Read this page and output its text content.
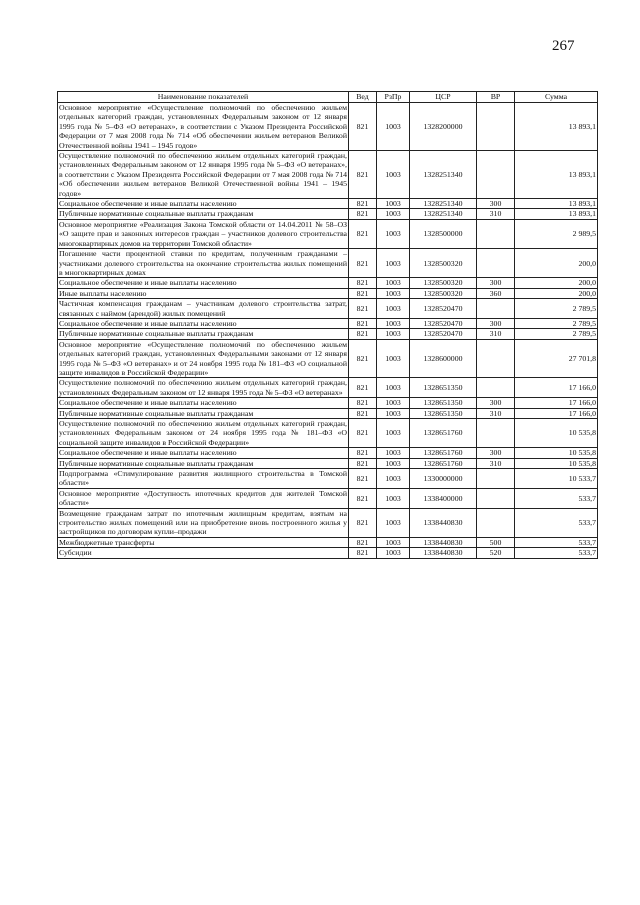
267
Наименование показателей	Вед	РзПр	ЦСР	ВР	Сумма
Основное мероприятие «Осуществление полномочий по обеспечению жильем отдельных категорий граждан, установленных Федеральным законом от 12 января 1995 года № 5–ФЗ «О ветеранах», в соответствии с Указом Президента Российской Федерации от 7 мая 2008 года № 714 «Об обеспечении жильем ветеранов Великой Отечественной войны 1941 – 1945 годов»	821	1003	1328200000		13 893,1
Осуществление полномочий по обеспечению жильем отдельных категорий граждан, установленных Федеральным законом от 12 января 1995 года № 5–ФЗ «О ветеранах», в соответствии с Указом Президента Российской Федерации от 7 мая 2008 года № 714 «Об обеспечении жильем ветеранов Великой Отечественной войны 1941 – 1945 годов»	821	1003	1328251340		13 893,1
Социальное обеспечение и иные выплаты населению	821	1003	1328251340	300	13 893,1
Публичные нормативные социальные выплаты гражданам	821	1003	1328251340	310	13 893,1
Основное мероприятие «Реализация Закона Томской области от 14.04.2011 № 58–ОЗ «О защите прав и законных интересов граждан – участников долевого строительства многоквартирных домов на территории Томской области»	821	1003	1328500000		2 989,5
Погашение части процентной ставки по кредитам, полученным гражданами – участниками долевого строительства на окончание строительства жилых помещений в многоквартирных домах	821	1003	1328500320		200,0
Социальное обеспечение и иные выплаты населению	821	1003	1328500320	300	200,0
Иные выплаты населению	821	1003	1328500320	360	200,0
Частичная компенсация гражданам – участникам долевого строительства затрат, связанных с наймом (арендой) жилых помещений	821	1003	1328520470		2 789,5
Социальное обеспечение и иные выплаты населению	821	1003	1328520470	300	2 789,5
Публичные нормативные социальные выплаты гражданам	821	1003	1328520470	310	2 789,5
Основное мероприятие «Осуществление полномочий по обеспечению жильем отдельных категорий граждан, установленных Федеральными законами от 12 января 1995 года № 5–ФЗ «О ветеранах» и от 24 ноября 1995 года № 181–ФЗ «О социальной защите инвалидов в Российской Федерации»	821	1003	1328600000		27 701,8
Осуществление полномочий по обеспечению жильем отдельных категорий граждан, установленных Федеральным законом от 12 января 1995 года № 5–ФЗ «О ветеранах»	821	1003	1328651350		17 166,0
Социальное обеспечение и иные выплаты населению	821	1003	1328651350	300	17 166,0
Публичные нормативные социальные выплаты гражданам	821	1003	1328651350	310	17 166,0
Осуществление полномочий по обеспечению жильем отдельных категорий граждан, установленных Федеральным законом от 24 ноября 1995 года № 181–ФЗ «О социальной защите инвалидов в Российской Федерации»	821	1003	1328651760		10 535,8
Социальное обеспечение и иные выплаты населению	821	1003	1328651760	300	10 535,8
Публичные нормативные социальные выплаты гражданам	821	1003	1328651760	310	10 535,8
Подпрограмма «Стимулирование развития жилищного строительства в Томской области»	821	1003	1330000000		10 533,7
Основное мероприятие «Доступность ипотечных кредитов для жителей Томской области»	821	1003	1338400000		533,7
Возмещение гражданам затрат по ипотечным жилищным кредитам, взятым на строительство жилых помещений или на приобретение вновь построенного жилья у застройщиков по договорам купли–продажи	821	1003	1338440830		533,7
Межбюджетные трансферты	821	1003	1338440830	500	533,7
Субсидии	821	1003	1338440830	520	533,7
